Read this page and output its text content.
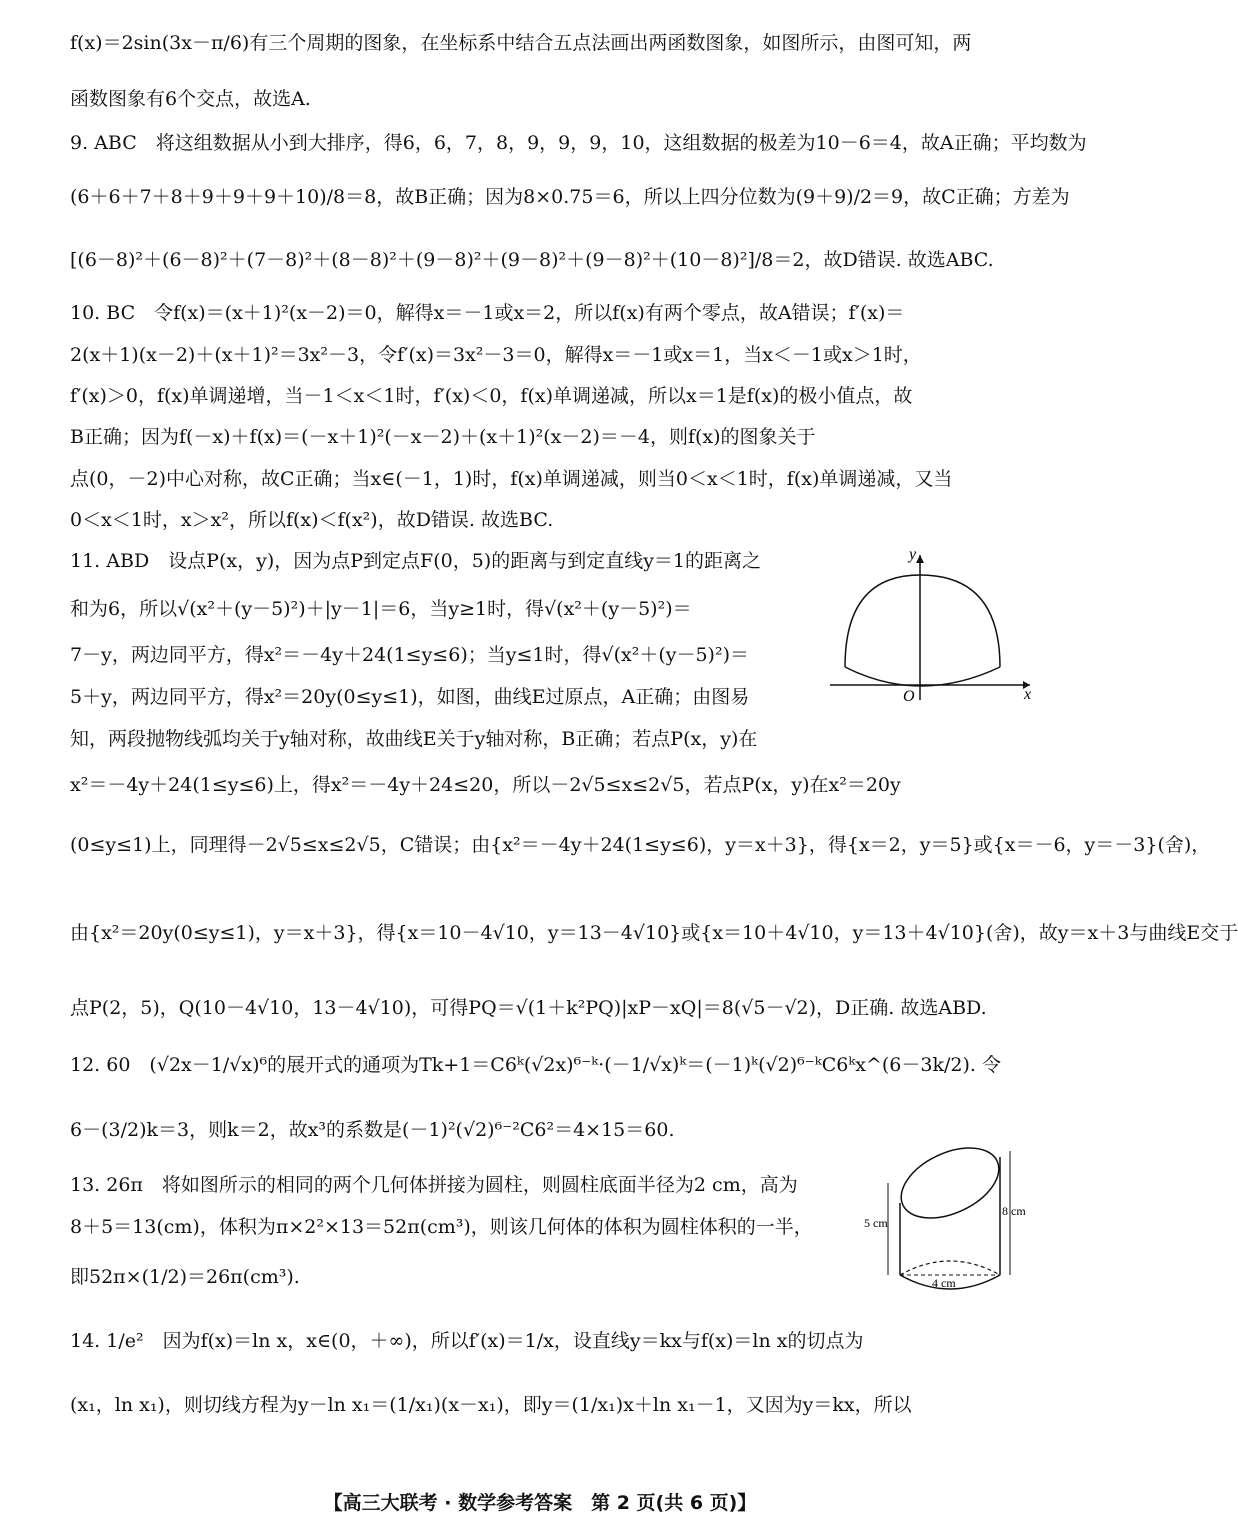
f(x)＝2sin(3x－π/6)有三个周期的图象，在坐标系中结合五点法画出两函数图象，如图所示，由图可知，两
函数图象有6个交点，故选A.
9. ABC　将这组数据从小到大排序，得6，6，7，8，9，9，9，10，这组数据的极差为10－6＝4，故A正确；平均数为
(6＋6＋7＋8＋9＋9＋9＋10)/8＝8，故B正确；因为8×0.75＝6，所以上四分位数为(9＋9)/2＝9，故C正确；方差为
[(6－8)²＋(6－8)²＋(7－8)²＋(8－8)²＋(9－8)²＋(9－8)²＋(9－8)²＋(10－8)²]/8＝2，故D错误. 故选ABC.
10. BC　令f(x)＝(x＋1)²(x－2)＝0，解得x＝－1或x＝2，所以f(x)有两个零点，故A错误；f′(x)＝
2(x＋1)(x－2)＋(x＋1)²＝3x²－3，令f′(x)＝3x²－3＝0，解得x＝－1或x＝1，当x＜－1或x＞1时，
f′(x)＞0，f(x)单调递增，当－1＜x＜1时，f′(x)＜0，f(x)单调递减，所以x＝1是f(x)的极小值点，故
B正确；因为f(－x)＋f(x)＝(－x＋1)²(－x－2)＋(x＋1)²(x－2)＝－4，则f(x)的图象关于
点(0，－2)中心对称，故C正确；当x∈(－1，1)时，f(x)单调递减，则当0＜x＜1时，f(x)单调递减，又当
0＜x＜1时，x＞x²，所以f(x)＜f(x²)，故D错误. 故选BC.
11. ABD　设点P(x，y)，因为点P到定点F(0，5)的距离与到定直线y＝1的距离之
和为6，所以√(x²＋(y－5)²)＋|y－1|＝6，当y≥1时，得√(x²＋(y－5)²)＝
7－y，两边同平方，得x²＝－4y＋24(1≤y≤6)；当y≤1时，得√(x²＋(y－5)²)＝
5＋y，两边同平方，得x²＝20y(0≤y≤1)，如图，曲线E过原点，A正确；由图易
知，两段抛物线弧均关于y轴对称，故曲线E关于y轴对称，B正确；若点P(x，y)在
x²＝－4y＋24(1≤y≤6)上，得x²＝－4y＋24≤20，所以－2√5≤x≤2√5，若点P(x，y)在x²＝20y
(0≤y≤1)上，同理得－2√5≤x≤2√5，C错误；由{x²＝－4y＋24(1≤y≤6)，y＝x＋3}，得{x＝2，y＝5}或{x＝－6，y＝－3}(舍)，
由{x²＝20y(0≤y≤1)，y＝x＋3}，得{x＝10－4√10，y＝13－4√10}或{x＝10＋4√10，y＝13＋4√10}(舍)，故y＝x＋3与曲线E交于
点P(2，5)，Q(10－4√10，13－4√10)，可得PQ＝√(1＋k²PQ)|xP－xQ|＝8(√5－√2)，D正确. 故选ABD.
12. 60　(√2x－1/√x)⁶的展开式的通项为Tk+1＝C6ᵏ(√2x)⁶⁻ᵏ·(－1/√x)ᵏ＝(－1)ᵏ(√2)⁶⁻ᵏC6ᵏx^(6－3k/2). 令
6－(3/2)k＝3，则k＝2，故x³的系数是(－1)²(√2)⁶⁻²C6²＝4×15＝60.
13. 26π　将如图所示的相同的两个几何体拼接为圆柱，则圆柱底面半径为2 cm，高为
8＋5＝13(cm)，体积为π×2²×13＝52π(cm³)，则该几何体的体积为圆柱体积的一半，
即52π×(1/2)＝26π(cm³).
14. 1/e²　因为f(x)＝ln x，x∈(0，＋∞)，所以f′(x)＝1/x，设直线y＝kx与f(x)＝ln x的切点为
(x₁，ln x₁)，则切线方程为y－ln x₁＝(1/x₁)(x－x₁)，即y＝(1/x₁)x＋ln x₁－1，又因为y＝kx，所以
x
y
O
5 cm
8 cm
4 cm
【高三大联考 · 数学参考答案　第 2 页(共 6 页)】
